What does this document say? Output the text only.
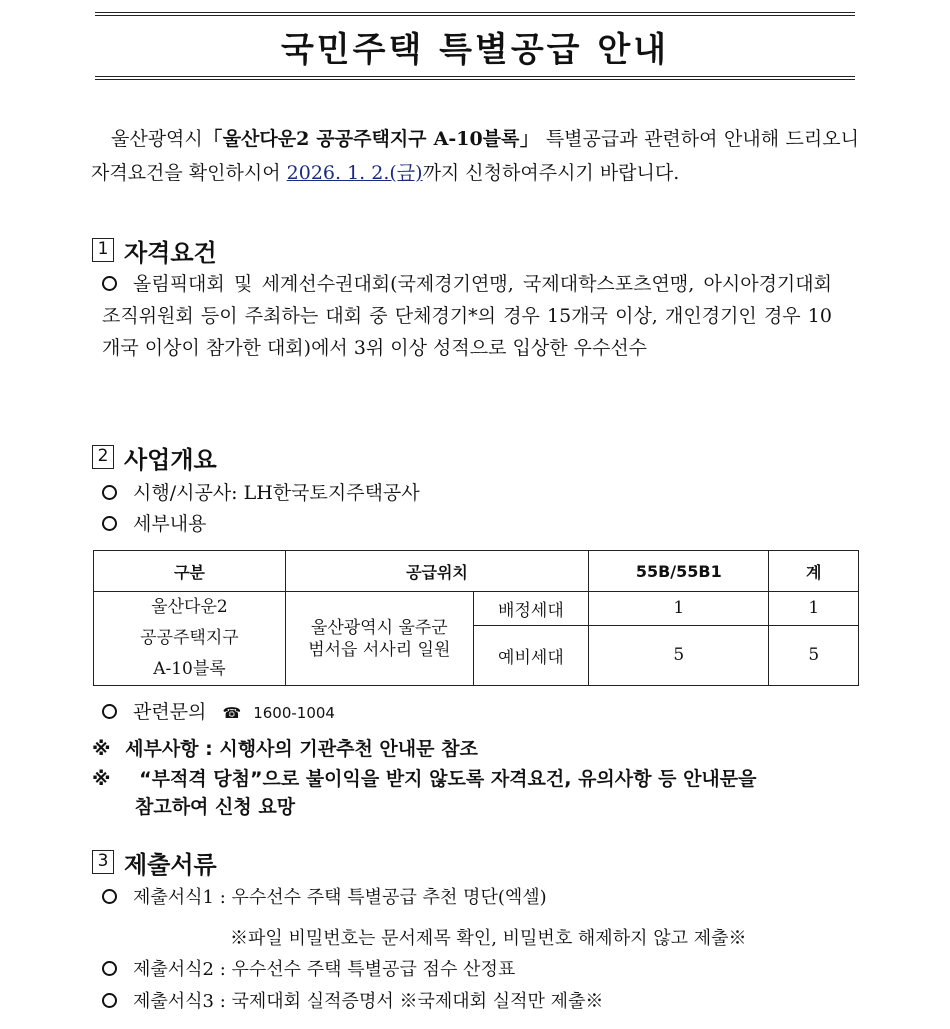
국민주택 특별공급 안내
울산광역시「울산다운2 공공주택지구 A-10블록」 특별공급과 관련하여 안내해 드리오니 자격요건을 확인하시어 2026. 1. 2.(금)까지 신청하여주시기 바랍니다.
1 자격요건
올림픽대회 및 세계선수권대회(국제경기연맹, 국제대학스포츠연맹, 아시아경기대회조직위원회 등이 주최하는 대회 중 단체경기*의 경우 15개국 이상, 개인경기인 경우 10개국 이상이 참가한 대회)에서 3위 이상 성적으로 입상한 우수선수
2 사업개요
시행/시공사: LH한국토지주택공사
세부내용
구분	공급위치		55B/55B1	계
울산다운2
공공주택지구
A-10블록	울산광역시 울주군
범서읍 서사리 일원	배정세대	1	1
		예비세대	5	5
관련문의 ☎ 1600-1004
※ 세부사항 : 시행사의 기관추천 안내문 참조
※ “부적격 당첨”으로 불이익을 받지 않도록 자격요건, 유의사항 등 안내문을
참고하여 신청 요망
3 제출서류
제출서식1 : 우수선수 주택 특별공급 추천 명단(엑셀)
※파일 비밀번호는 문서제목 확인, 비밀번호 해제하지 않고 제출※
제출서식2 : 우수선수 주택 특별공급 점수 산정표
제출서식3 : 국제대회 실적증명서 ※국제대회 실적만 제출※
